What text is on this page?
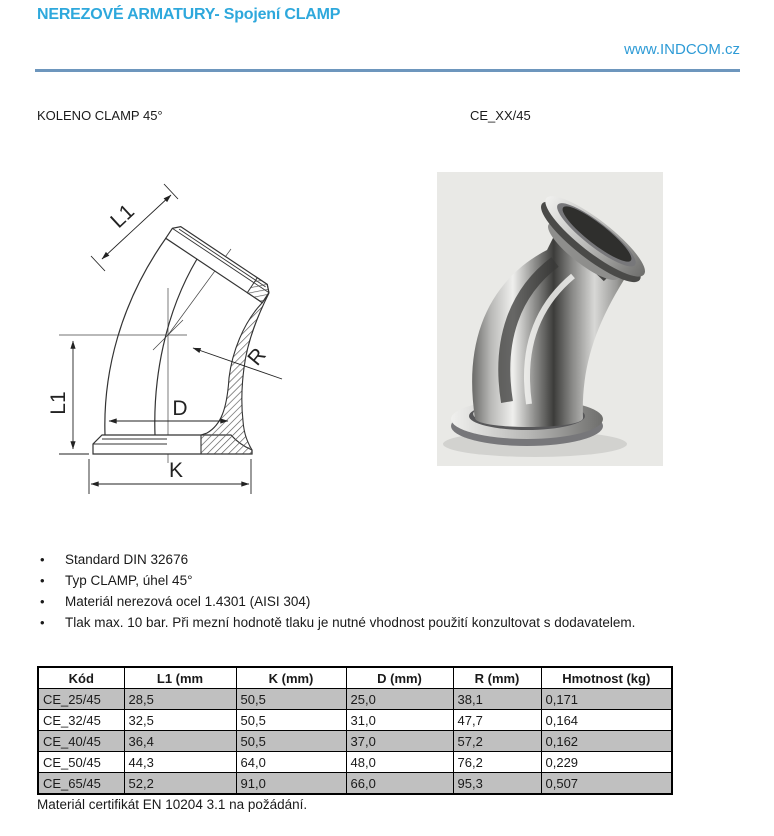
NEREZOVÉ ARMATURY- Spojení CLAMP
www.INDCOM.cz
KOLENO CLAMP 45°	CE_XX/45
L1
L1	D
K
R
• Standard DIN 32676
• Typ CLAMP, úhel 45°
• Materiál nerezová ocel 1.4301 (AISI 304)
• Tlak max. 10 bar. Při mezní hodnotě tlaku je nutné vhodnost použití konzultovat s dodavatelem.
Kód	L1 (mm	K (mm)	D (mm)	R (mm)	Hmotnost (kg)
CE_25/45	28,5	50,5	25,0	38,1	0,171
CE_32/45	32,5	50,5	31,0	47,7	0,164
CE_40/45	36,4	50,5	37,0	57,2	0,162
CE_50/45	44,3	64,0	48,0	76,2	0,229
CE_65/45	52,2	91,0	66,0	95,3	0,507
Materiál certifikát EN 10204 3.1 na požádání.
